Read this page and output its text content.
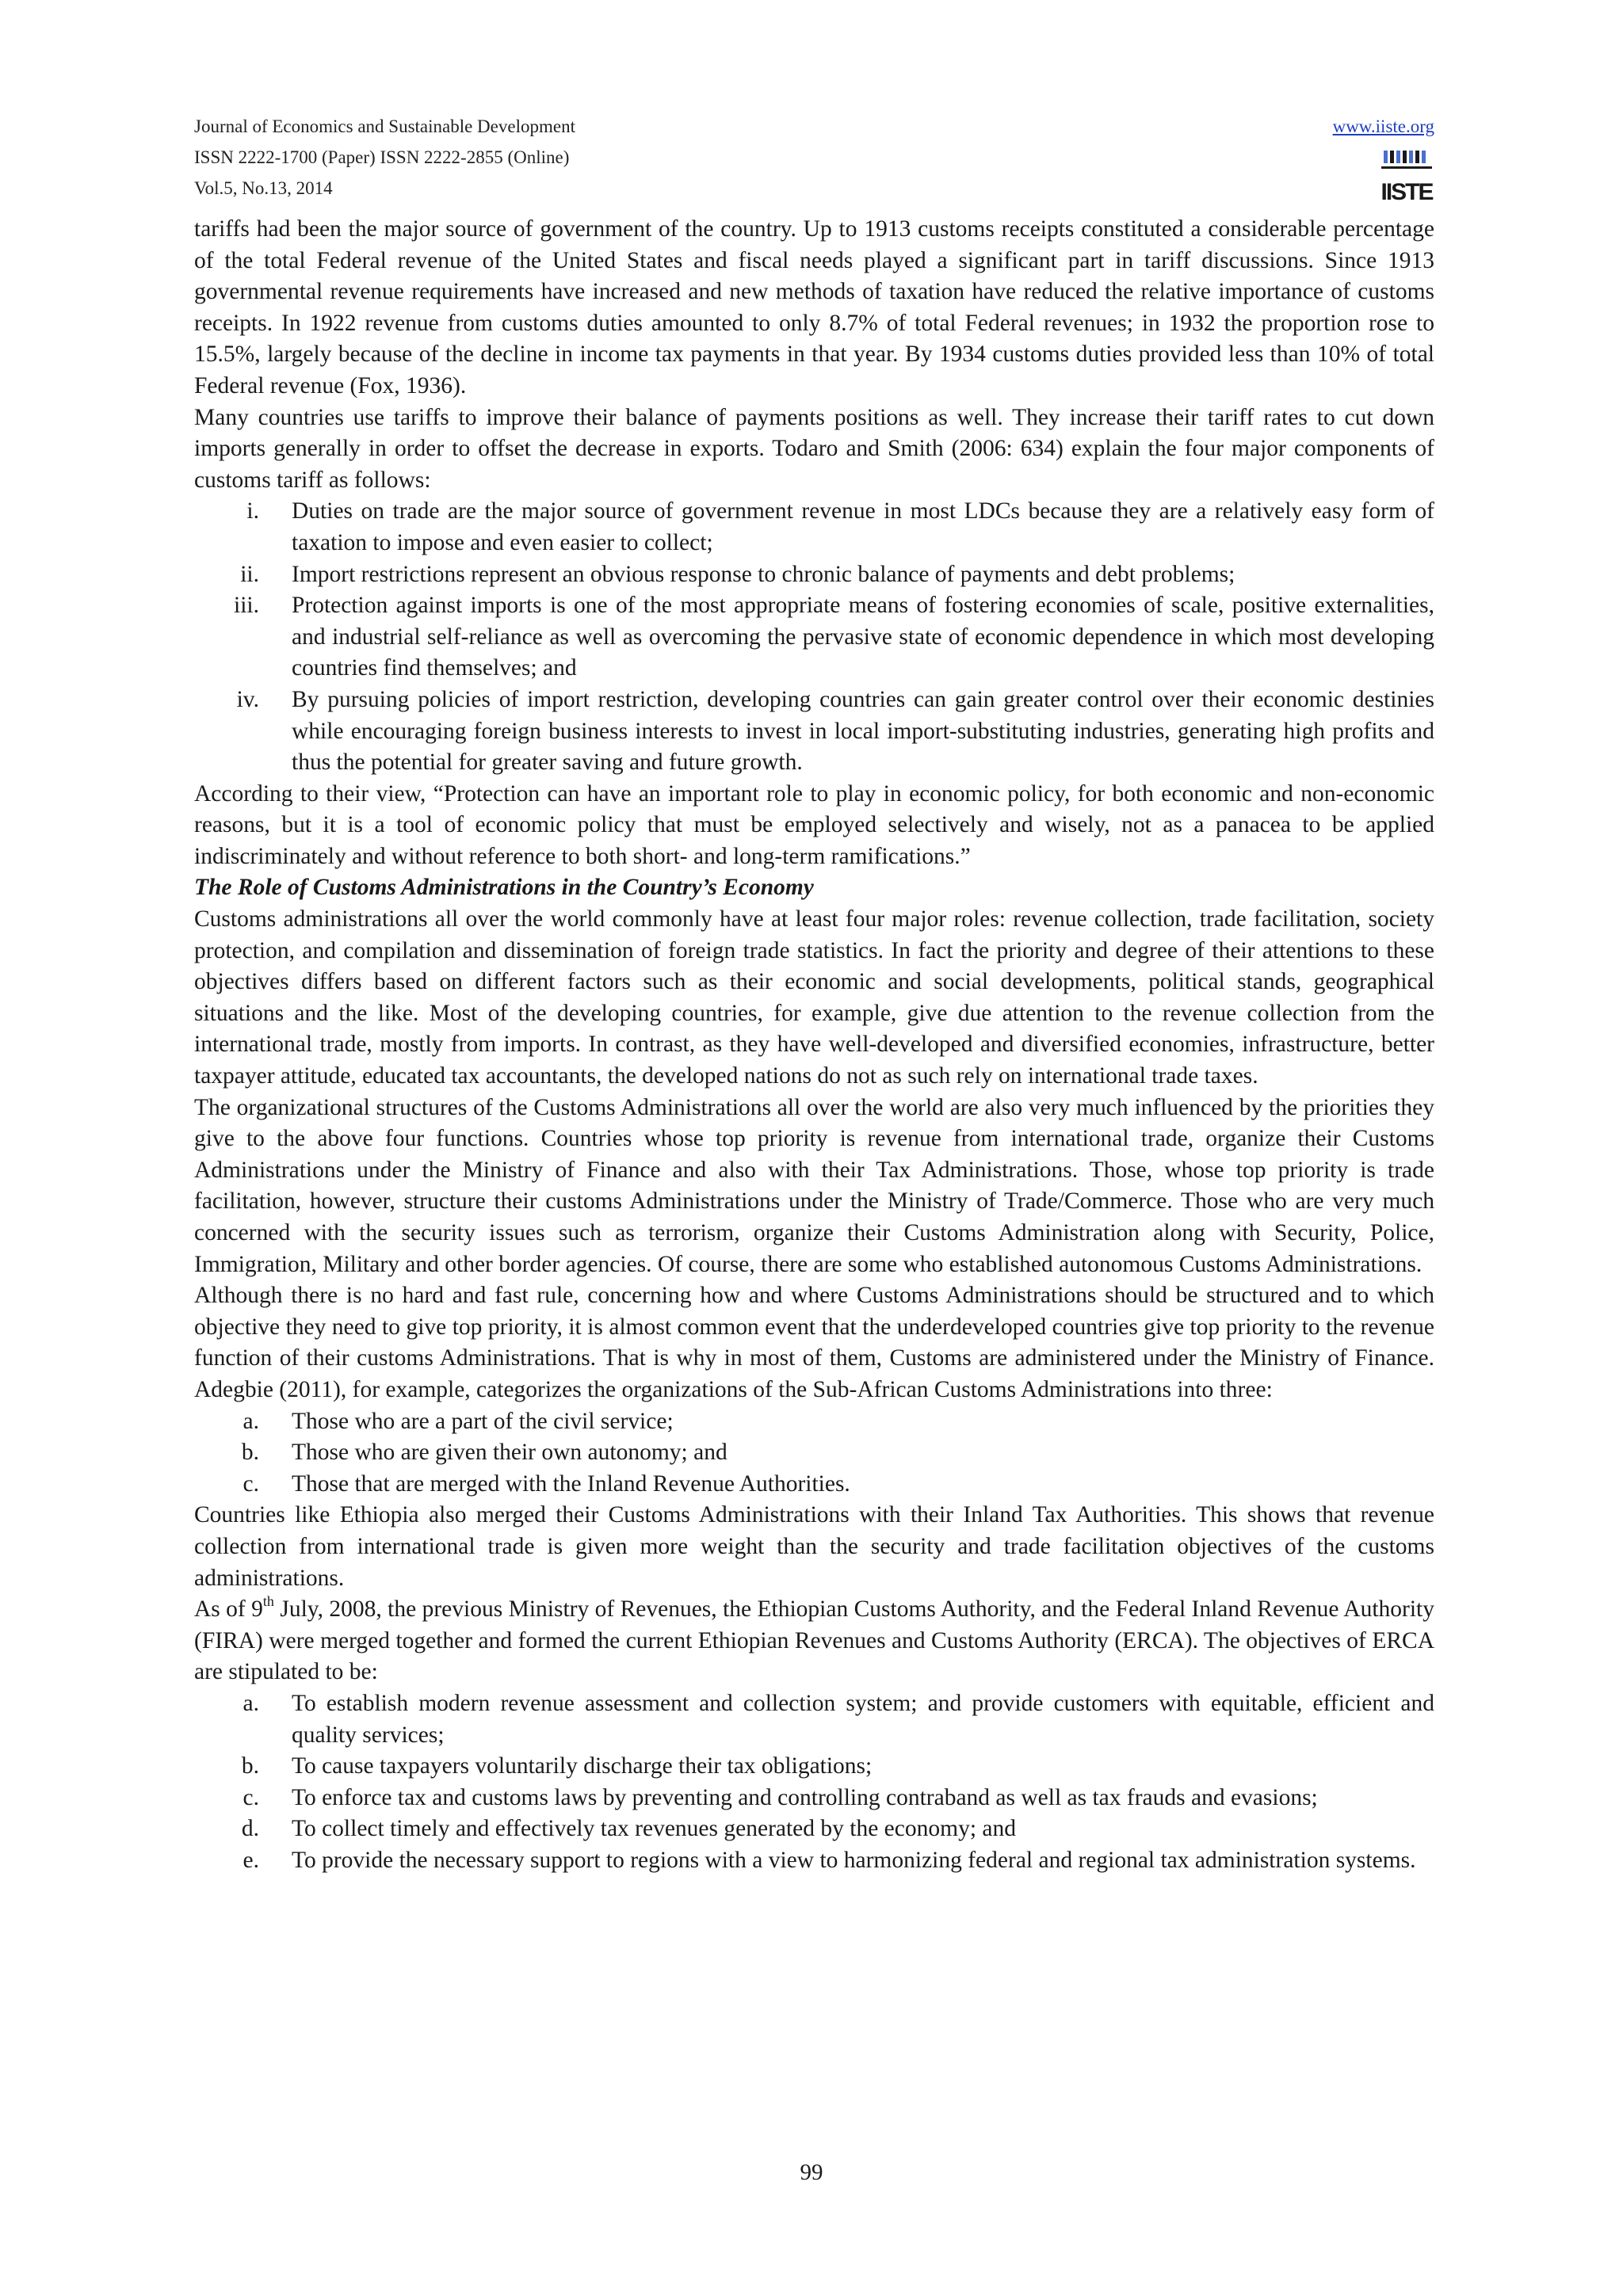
Journal of Economics and Sustainable Development
ISSN 2222-1700 (Paper) ISSN 2222-2855 (Online)
Vol.5, No.13, 2014
www.iiste.org
IISTE

tariffs had been the major source of government of the country. Up to 1913 customs receipts constituted a considerable percentage of the total Federal revenue of the United States and fiscal needs played a significant part in tariff discussions. Since 1913 governmental revenue requirements have increased and new methods of taxation have reduced the relative importance of customs receipts. In 1922 revenue from customs duties amounted to only 8.7% of total Federal revenues; in 1932 the proportion rose to 15.5%, largely because of the decline in income tax payments in that year. By 1934 customs duties provided less than 10% of total Federal revenue (Fox, 1936).

Many countries use tariffs to improve their balance of payments positions as well. They increase their tariff rates to cut down imports generally in order to offset the decrease in exports. Todaro and Smith (2006: 634) explain the four major components of customs tariff as follows:

i. Duties on trade are the major source of government revenue in most LDCs because they are a relatively easy form of taxation to impose and even easier to collect;
ii. Import restrictions represent an obvious response to chronic balance of payments and debt problems;
iii. Protection against imports is one of the most appropriate means of fostering economies of scale, positive externalities, and industrial self-reliance as well as overcoming the pervasive state of economic dependence in which most developing countries find themselves; and
iv. By pursuing policies of import restriction, developing countries can gain greater control over their economic destinies while encouraging foreign business interests to invest in local import-substituting industries, generating high profits and thus the potential for greater saving and future growth.

According to their view, “Protection can have an important role to play in economic policy, for both economic and non-economic reasons, but it is a tool of economic policy that must be employed selectively and wisely, not as a panacea to be applied indiscriminately and without reference to both short- and long-term ramifications.”

The Role of Customs Administrations in the Country’s Economy

Customs administrations all over the world commonly have at least four major roles: revenue collection, trade facilitation, society protection, and compilation and dissemination of foreign trade statistics. In fact the priority and degree of their attentions to these objectives differs based on different factors such as their economic and social developments, political stands, geographical situations and the like. Most of the developing countries, for example, give due attention to the revenue collection from the international trade, mostly from imports. In contrast, as they have well-developed and diversified economies, infrastructure, better taxpayer attitude, educated tax accountants, the developed nations do not as such rely on international trade taxes.

The organizational structures of the Customs Administrations all over the world are also very much influenced by the priorities they give to the above four functions. Countries whose top priority is revenue from international trade, organize their Customs Administrations under the Ministry of Finance and also with their Tax Administrations. Those, whose top priority is trade facilitation, however, structure their customs Administrations under the Ministry of Trade/Commerce. Those who are very much concerned with the security issues such as terrorism, organize their Customs Administration along with Security, Police, Immigration, Military and other border agencies. Of course, there are some who established autonomous Customs Administrations.

Although there is no hard and fast rule, concerning how and where Customs Administrations should be structured and to which objective they need to give top priority, it is almost common event that the underdeveloped countries give top priority to the revenue function of their customs Administrations. That is why in most of them, Customs are administered under the Ministry of Finance. Adegbie (2011), for example, categorizes the organizations of the Sub-African Customs Administrations into three:

a. Those who are a part of the civil service;
b. Those who are given their own autonomy; and
c. Those that are merged with the Inland Revenue Authorities.

Countries like Ethiopia also merged their Customs Administrations with their Inland Tax Authorities. This shows that revenue collection from international trade is given more weight than the security and trade facilitation objectives of the customs administrations.

As of 9th July, 2008, the previous Ministry of Revenues, the Ethiopian Customs Authority, and the Federal Inland Revenue Authority (FIRA) were merged together and formed the current Ethiopian Revenues and Customs Authority (ERCA). The objectives of ERCA are stipulated to be:

a. To establish modern revenue assessment and collection system; and provide customers with equitable, efficient and quality services;
b. To cause taxpayers voluntarily discharge their tax obligations;
c. To enforce tax and customs laws by preventing and controlling contraband as well as tax frauds and evasions;
d. To collect timely and effectively tax revenues generated by the economy; and
e. To provide the necessary support to regions with a view to harmonizing federal and regional tax administration systems.
99
